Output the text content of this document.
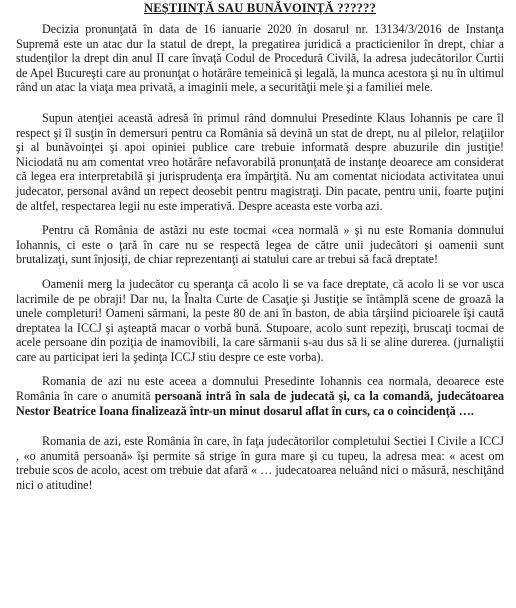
NEŞTIINŢĂ SAU BUNĂVOINŢĂ ??????

Decizia pronunţată în data de 16 ianuarie 2020 în dosarul nr. 13134/3/2016 de Instanţa Supremă este un atac dur la statul de drept, la pregatirea juridică a practicienilor în drept, chiar a studenţilor la drept din anul II care învaţă Codul de Procedură Civilă, la adresa judecătorilor Curtii de Apel Bucureşti care au pronunţat o hotărâre temeinică şi legală, la munca acestora şi nu în ultimul rând un atac la viaţa mea privată, a imaginii mele, a securităţii mele şi a familiei mele.

Supun atenţiei această adresă în primul rând domnului Presedinte Klaus Iohannis pe care îl respect şi îl susţin în demersuri pentru ca România să devină un stat de drept, nu al pilelor, relaţiilor şi al bunăvoinţei şi apoi opiniei publice care trebuie informată despre abuzurile din justiţie! Niciodată nu am comentat vreo hotărâre nefavorabilă pronunţată de instanţe deoarece am considerat că legea era interpretabilă şi jurisprudenţa era împărţită. Nu am comentat niciodata activitatea unui judecator, personal având un repect deosebit pentru magistraţi. Din pacate, pentru unii, foarte puţini de altfel, respectarea legii nu este imperativă. Despre aceasta este vorba azi.

Pentru că România de astăzi nu este tocmai «cea normală » şi nu este Romania domnului Iohannis, ci este o ţară în care nu se respectă legea de către unii judecători şi oamenii sunt brutalizaţi, sunt înjosiţi, de chiar reprezentanţi ai statului care ar trebui să facă dreptate!

Oamenii merg la judecător cu speranţa că acolo li se va face dreptate, că acolo li se vor usca lacrimile de pe obraji! Dar nu, la Înalta Curte de Casaţie şi Justiţie se întâmplă scene de groază la unele completuri! Oameni sărmani, la peste 80 de ani în baston, de abia târşiind picioarele îşi caută dreptatea la ICCJ şi aşteaptă macar o vorbă bună. Stupoare, acolo sunt repeziţi, bruscaţi tocmai de acele persoane din poziţia de inamovibili, la care sărmanii s-au dus să li se aline durerea. (jurnaliştii care au participat ieri la şedinţa ICCJ stiu despre ce este vorba).

Romania de azi nu este aceea a domnului Presedinte Iohannis cea normala, deoarece este România în care o anumită persoană intră în sala de judecată şi, ca la comandă, judecătoarea Nestor Beatrice Ioana finalizează într-un minut dosarul aflat în curs, ca o coincidenţă ….

Romania de azi, este România în care, în faţa judecătorilor completului Sectiei I Civile a ICCJ , «o anumită persoană» îşi permite să strige în gura mare şi cu tupeu, la adresa mea: « acest om trebuie scos de acolo, acest om trebuie dat afară « … judecatoarea neluând nici o măsură, neschiţând nici o atitudine!
